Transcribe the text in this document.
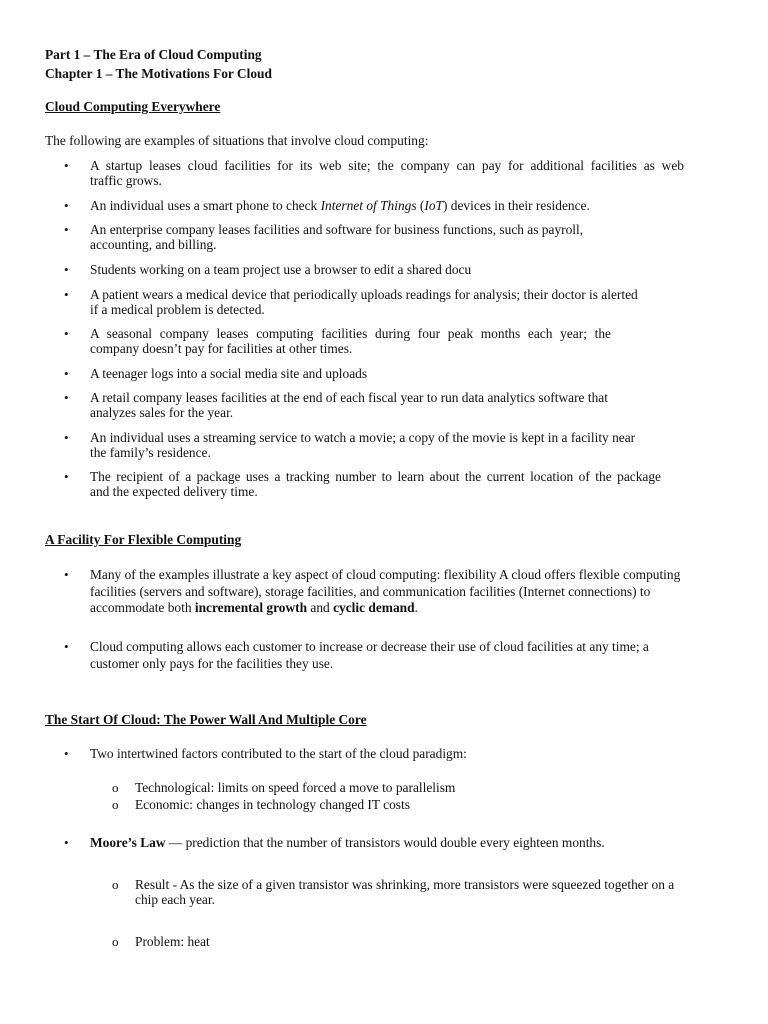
Part 1 – The Era of Cloud Computing
Chapter 1 – The Motivations For Cloud
Cloud Computing Everywhere
The following are examples of situations that involve cloud computing:
•	A startup leases cloud facilities for its web site; the company can pay for additional facilities as web
traffic grows.
•	An individual uses a smart phone to check Internet of Things (IoT) devices in their residence.
•	An enterprise company leases facilities and software for business functions, such as payroll,
accounting, and billing.
•	Students working on a team project use a browser to edit a shared docu
•	A patient wears a medical device that periodically uploads readings for analysis; their doctor is alerted
if a medical problem is detected.
•	A seasonal company leases computing facilities during four peak months each year; the
company doesn’t pay for facilities at other times.
•	A teenager logs into a social media site and uploads
•	A retail company leases facilities at the end of each fiscal year to run data analytics software that
analyzes sales for the year.
•	An individual uses a streaming service to watch a movie; a copy of the movie is kept in a facility near
the family’s residence.
•	The recipient of a package uses a tracking number to learn about the current location of the package
and the expected delivery time.
A Facility For Flexible Computing
•	Many of the examples illustrate a key aspect of cloud computing: flexibility A cloud offers flexible computing
facilities (servers and software), storage facilities, and communication facilities (Internet connections) to
accommodate both incremental growth and cyclic demand.
•	Cloud computing allows each customer to increase or decrease their use of cloud facilities at any time; a
customer only pays for the facilities they use.
The Start Of Cloud: The Power Wall And Multiple Core
•	Two intertwined factors contributed to the start of the cloud paradigm:
o	Technological: limits on speed forced a move to parallelism
o	Economic: changes in technology changed IT costs
•	Moore’s Law — prediction that the number of transistors would double every eighteen months.
o	Result - As the size of a given transistor was shrinking, more transistors were squeezed together on a
chip each year.
o	Problem: heat
